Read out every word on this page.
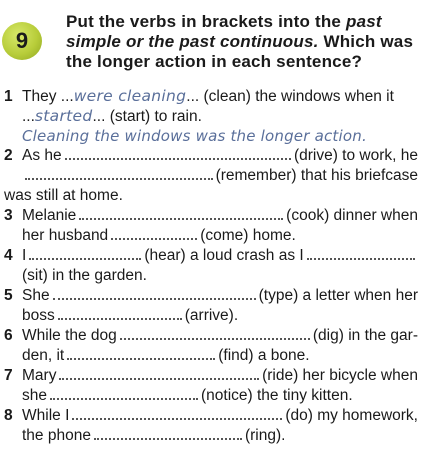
9
Put the verbs in brackets into the past
simple or the past continuous. Which was
the longer action in each sentence?
1 They ... were cleaning ... (clean) the windows when it
... started ... (start) to rain.
Cleaning the windows was the longer action.
2 As he	(drive) to work, he
(remember) that his briefcase
was still at home.
3 Melanie	(cook) dinner when
her husband	(come) home.
4 I	(hear) a loud crash as I
(sit) in the garden.
5 She	(type) a letter when her
boss	(arrive).
6 While the dog	(dig) in the gar-
den, it	(find) a bone.
7 Mary	(ride) her bicycle when
she	(notice) the tiny kitten.
8 While I	(do) my homework,
the phone	(ring).
